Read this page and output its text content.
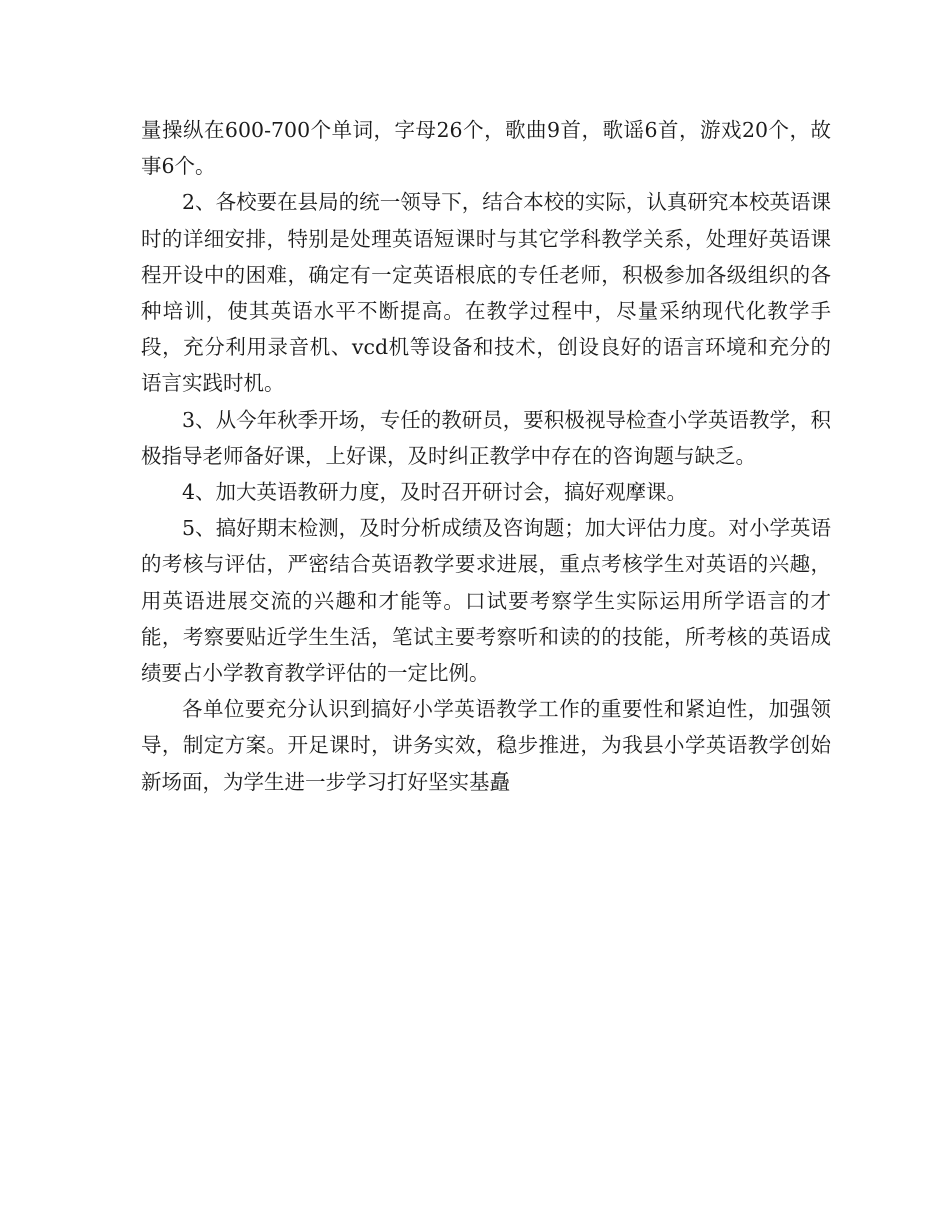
量操纵在600-700个单词，字母26个，歌曲9首，歌谣6首，游戏20个，故事6个。

2、各校要在县局的统一领导下，结合本校的实际，认真研究本校英语课时的详细安排，特别是处理英语短课时与其它学科教学关系，处理好英语课程开设中的困难，确定有一定英语根底的专任老师，积极参加各级组织的各种培训，使其英语水平不断提高。在教学过程中，尽量采纳现代化教学手段，充分利用录音机、vcd机等设备和技术，创设良好的语言环境和充分的语言实践时机。

3、从今年秋季开场，专任的教研员，要积极视导检查小学英语教学，积极指导老师备好课，上好课，及时纠正教学中存在的咨询题与缺乏。

4、加大英语教研力度，及时召开研讨会，搞好观摩课。

5、搞好期末检测，及时分析成绩及咨询题；加大评估力度。对小学英语的考核与评估，严密结合英语教学要求进展，重点考核学生对英语的兴趣，用英语进展交流的兴趣和才能等。口试要考察学生实际运用所学语言的才能，考察要贴近学生生活，笔试主要考察听和读的的技能，所考核的英语成绩要占小学教育教学评估的一定比例。

各单位要充分认识到搞好小学英语教学工作的重要性和紧迫性，加强领导，制定方案。开足课时，讲务实效，稳步推进，为我县小学英语教学创始新场面，为学生进一步学习打好坚实基矗
